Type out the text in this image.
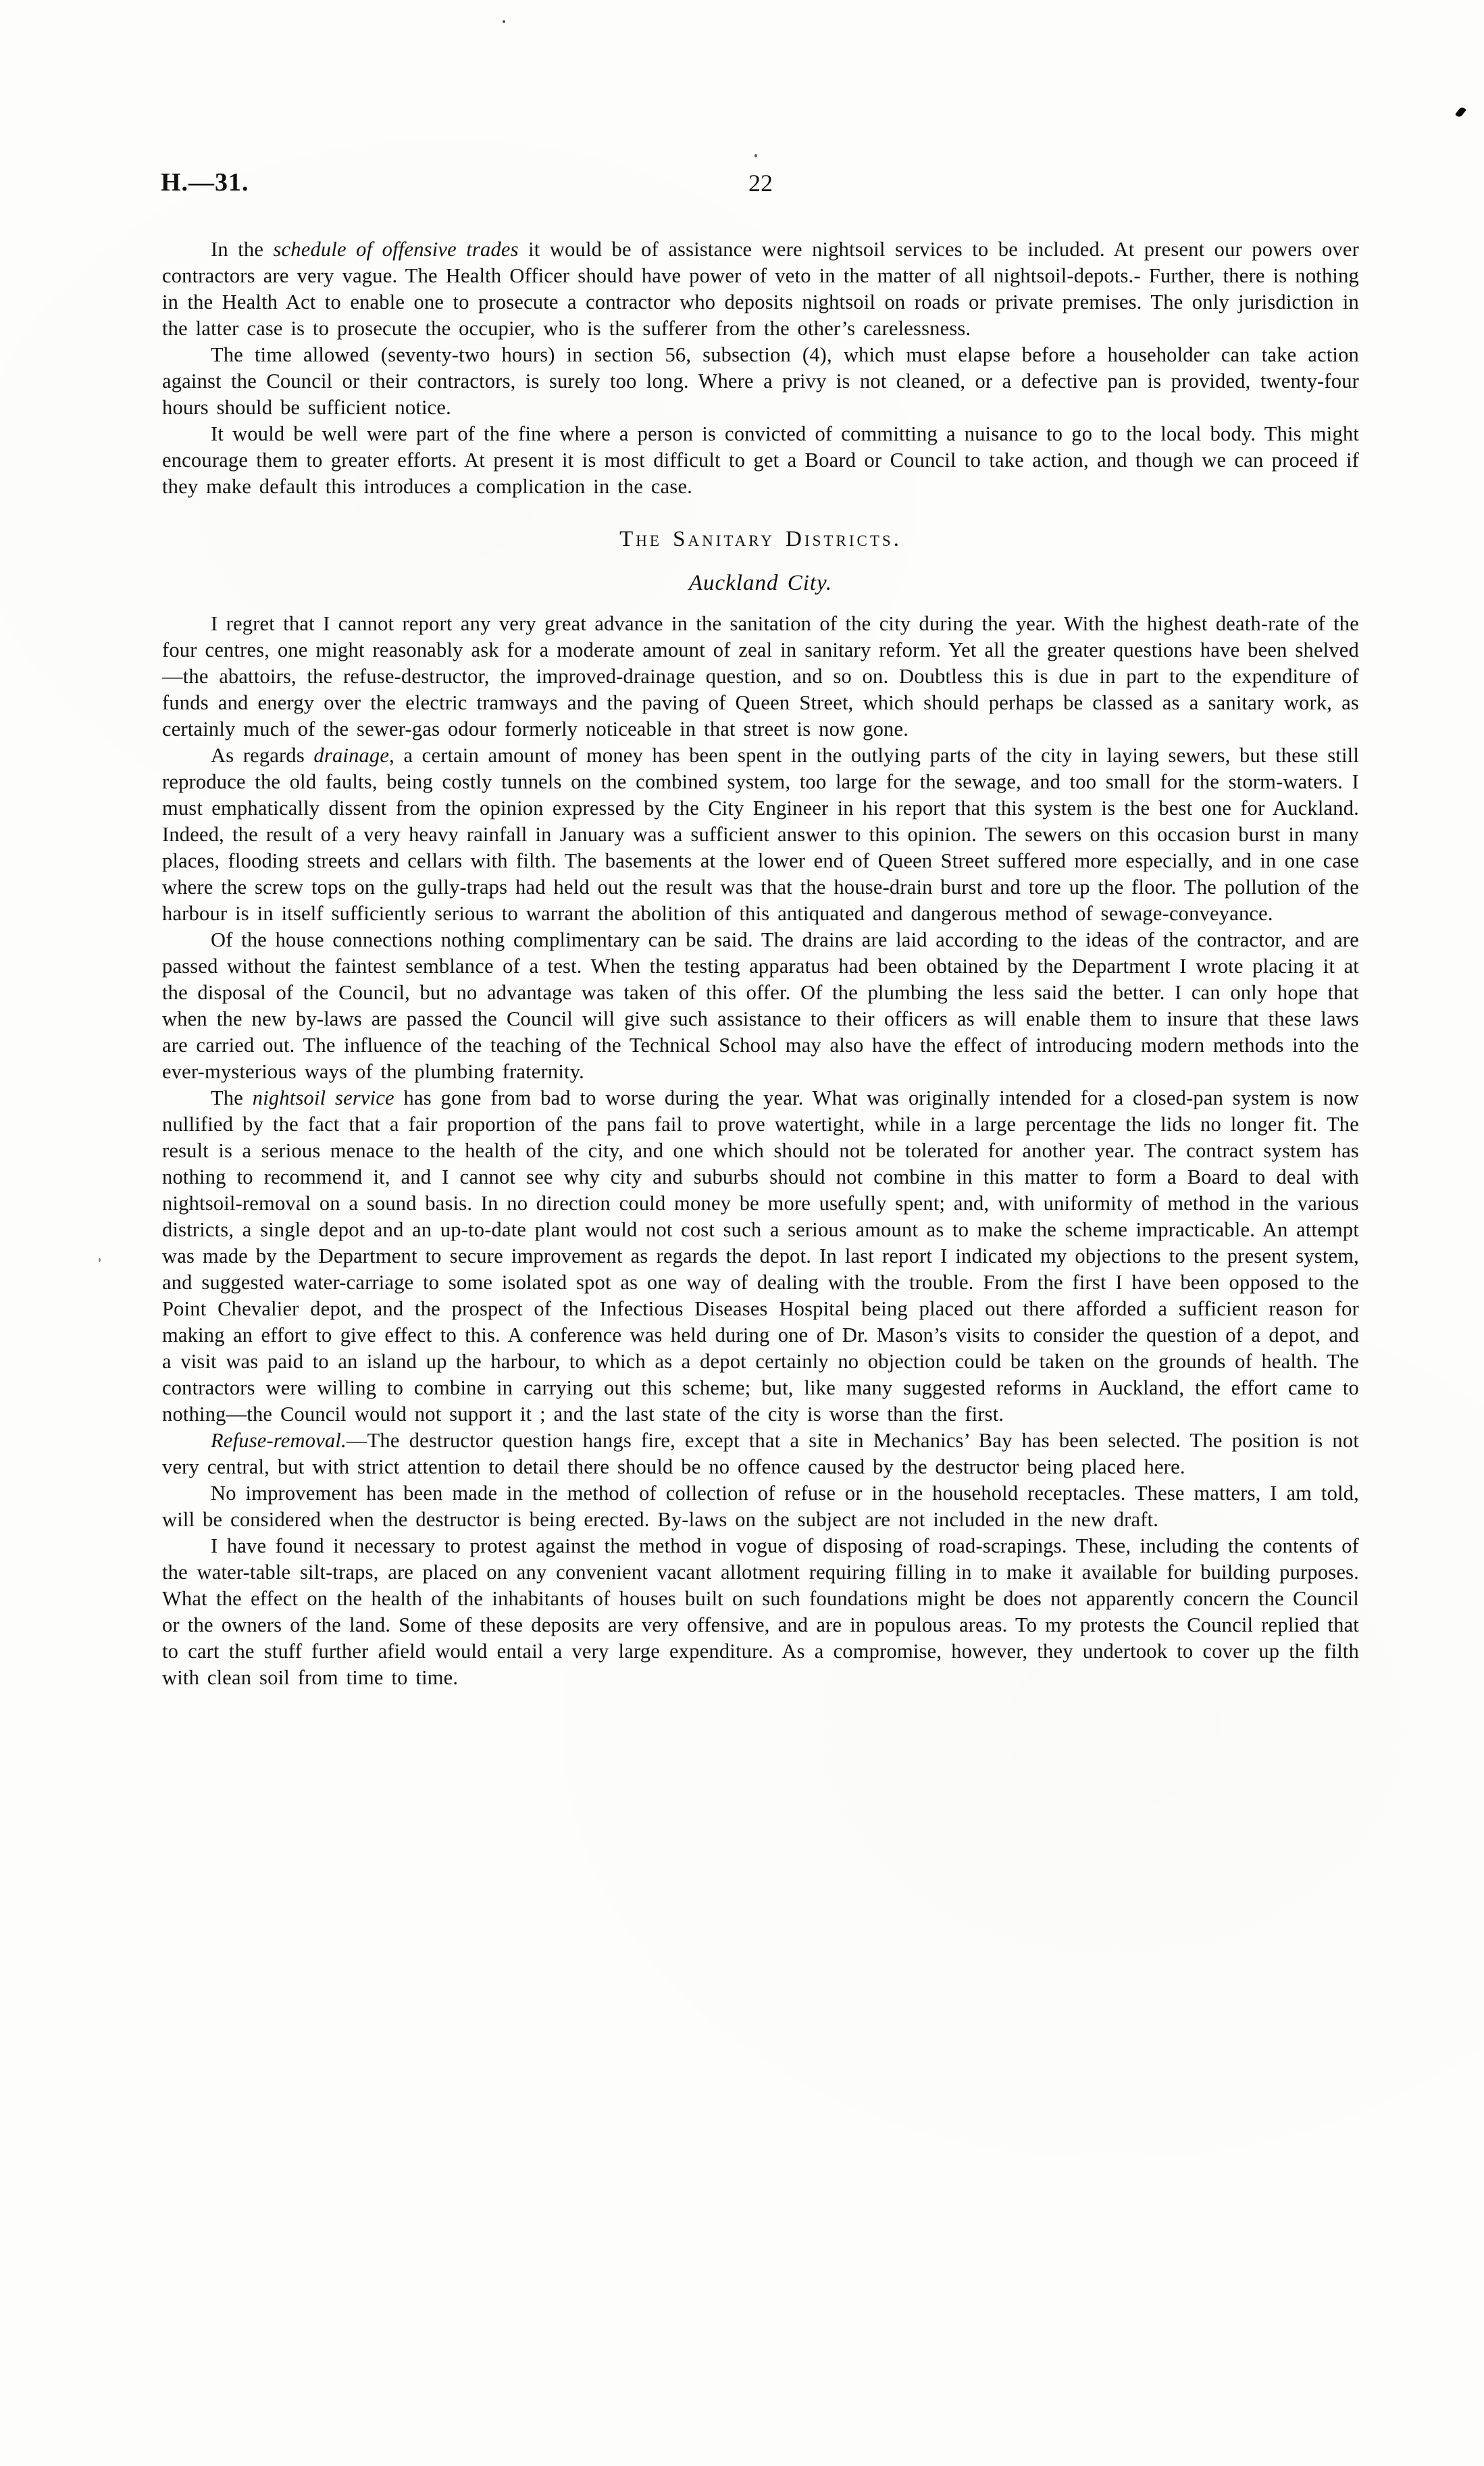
H.—31.	22

In the schedule of offensive trades it would be of assistance were nightsoil services to be included. At present our powers over contractors are very vague. The Health Officer should have power of veto in the matter of all nightsoil-depots.- Further, there is nothing in the Health Act to enable one to prosecute a contractor who deposits nightsoil on roads or private premises. The only jurisdiction in the latter case is to prosecute the occupier, who is the sufferer from the other’s carelessness.

The time allowed (seventy-two hours) in section 56, subsection (4), which must elapse before a householder can take action against the Council or their contractors, is surely too long. Where a privy is not cleaned, or a defective pan is provided, twenty-four hours should be sufficient notice.

It would be well were part of the fine where a person is convicted of committing a nuisance to go to the local body. This might encourage them to greater efforts. At present it is most difficult to get a Board or Council to take action, and though we can proceed if they make default this introduces a complication in the case.

The Sanitary Districts.
Auckland City.

I regret that I cannot report any very great advance in the sanitation of the city during the year. With the highest death-rate of the four centres, one might reasonably ask for a moderate amount of zeal in sanitary reform. Yet all the greater questions have been shelved—the abattoirs, the refuse-destructor, the improved-drainage question, and so on. Doubtless this is due in part to the expenditure of funds and energy over the electric tramways and the paving of Queen Street, which should perhaps be classed as a sanitary work, as certainly much of the sewer-gas odour formerly noticeable in that street is now gone.

As regards drainage, a certain amount of money has been spent in the outlying parts of the city in laying sewers, but these still reproduce the old faults, being costly tunnels on the combined system, too large for the sewage, and too small for the storm-waters. I must emphatically dissent from the opinion expressed by the City Engineer in his report that this system is the best one for Auckland. Indeed, the result of a very heavy rainfall in January was a sufficient answer to this opinion. The sewers on this occasion burst in many places, flooding streets and cellars with filth. The basements at the lower end of Queen Street suffered more especially, and in one case where the screw tops on the gully-traps had held out the result was that the house-drain burst and tore up the floor. The pollution of the harbour is in itself sufficiently serious to warrant the abolition of this antiquated and dangerous method of sewage-conveyance.

Of the house connections nothing complimentary can be said. The drains are laid according to the ideas of the contractor, and are passed without the faintest semblance of a test. When the testing apparatus had been obtained by the Department I wrote placing it at the disposal of the Council, but no advantage was taken of this offer. Of the plumbing the less said the better. I can only hope that when the new by-laws are passed the Council will give such assistance to their officers as will enable them to insure that these laws are carried out. The influence of the teaching of the Technical School may also have the effect of introducing modern methods into the ever-mysterious ways of the plumbing fraternity.

The nightsoil service has gone from bad to worse during the year. What was originally intended for a closed-pan system is now nullified by the fact that a fair proportion of the pans fail to prove watertight, while in a large percentage the lids no longer fit. The result is a serious menace to the health of the city, and one which should not be tolerated for another year. The contract system has nothing to recommend it, and I cannot see why city and suburbs should not combine in this matter to form a Board to deal with nightsoil-removal on a sound basis. In no direction could money be more usefully spent; and, with uniformity of method in the various districts, a single depot and an up-to-date plant would not cost such a serious amount as to make the scheme impracticable. An attempt was made by the Department to secure improvement as regards the depot. In last report I indicated my objections to the present system, and suggested water-carriage to some isolated spot as one way of dealing with the trouble. From the first I have been opposed to the Point Chevalier depot, and the prospect of the Infectious Diseases Hospital being placed out there afforded a sufficient reason for making an effort to give effect to this. A conference was held during one of Dr. Mason’s visits to consider the question of a depot, and a visit was paid to an island up the harbour, to which as a depot certainly no objection could be taken on the grounds of health. The contractors were willing to combine in carrying out this scheme; but, like many suggested reforms in Auckland, the effort came to nothing—the Council would not support it ; and the last state of the city is worse than the first.

Refuse-removal.—The destructor question hangs fire, except that a site in Mechanics’ Bay has been selected. The position is not very central, but with strict attention to detail there should be no offence caused by the destructor being placed here.

No improvement has been made in the method of collection of refuse or in the household receptacles. These matters, I am told, will be considered when the destructor is being erected. By-laws on the subject are not included in the new draft.

I have found it necessary to protest against the method in vogue of disposing of road-scrapings. These, including the contents of the water-table silt-traps, are placed on any convenient vacant allotment requiring filling in to make it available for building purposes. What the effect on the health of the inhabitants of houses built on such foundations might be does not apparently concern the Council or the owners of the land. Some of these deposits are very offensive, and are in populous areas. To my protests the Council replied that to cart the stuff further afield would entail a very large expenditure. As a compromise, however, they undertook to cover up the filth with clean soil from time to time.
